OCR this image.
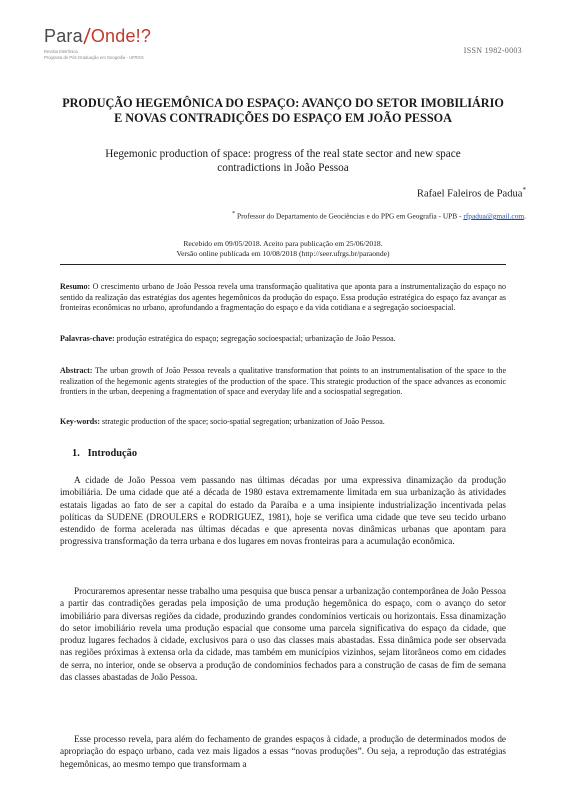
Para Onde!?
Revista Eletrônica
Programa de Pós-Graduação em Geografia - UFRGS
ISSN 1982-0003
PRODUÇÃO HEGEMÔNICA DO ESPAÇO: AVANÇO DO SETOR IMOBILIÁRIO E NOVAS CONTRADIÇÕES DO ESPAÇO EM JOÃO PESSOA
Hegemonic production of space: progress of the real state sector and new space contradictions in João Pessoa
Rafael Faleiros de Padua*
* Professor do Departamento de Geociências e do PPG em Geografia - UPB - rfpadua@gmail.com.
Recebido em 09/05/2018. Aceito para publicação em 25/06/2018.
Versão online publicada em 10/08/2018 (http://seer.ufrgs.br/paraonde)
Resumo: O crescimento urbano de João Pessoa revela uma transformação qualitativa que aponta para a instrumentalização do espaço no sentido da realização das estratégias dos agentes hegemônicos da produção do espaço. Essa produção estratégica do espaço faz avançar as fronteiras econômicas no urbano, aprofundando a fragmentação do espaço e da vida cotidiana e a segregação socioespacial.
Palavras-chave: produção estratégica do espaço; segregação socioespacial; urbanização de João Pessoa.
Abstract: The urban growth of João Pessoa reveals a qualitative transformation that points to an instrumentalisation of the space to the realization of the hegemonic agents strategies of the production of the space. This strategic production of the space advances as economic frontiers in the urban, deepening a fragmentation of space and everyday life and a sociospatial segregation.
Key-words: strategic production of the space; socio-spatial segregation; urbanization of João Pessoa.
1. Introdução
A cidade de João Pessoa vem passando nas últimas décadas por uma expressiva dinamização da produção imobiliária. De uma cidade que até a década de 1980 estava extremamente limitada em sua urbanização às atividades estatais ligadas ao fato de ser a capital do estado da Paraíba e a uma insipiente industrialização incentivada pelas políticas da SUDENE (DROULERS e RODRIGUEZ, 1981), hoje se verifica uma cidade que teve seu tecido urbano estendido de forma acelerada nas últimas décadas e que apresenta novas dinâmicas urbanas que apontam para progressiva transformação da terra urbana e dos lugares em novas fronteiras para a acumulação econômica.
Procuraremos apresentar nesse trabalho uma pesquisa que busca pensar a urbanização contemporânea de João Pessoa a partir das contradições geradas pela imposição de uma produção hegemônica do espaço, com o avanço do setor imobiliário para diversas regiões da cidade, produzindo grandes condomínios verticais ou horizontais. Essa dinamização do setor imobiliário revela uma produção espacial que consome uma parcela significativa do espaço da cidade, que produz lugares fechados à cidade, exclusivos para o uso das classes mais abastadas. Essa dinâmica pode ser observada nas regiões próximas à extensa orla da cidade, mas também em municípios vizinhos, sejam litorâneos como em cidades de serra, no interior, onde se observa a produção de condomínios fechados para a construção de casas de fim de semana das classes abastadas de João Pessoa.
Esse processo revela, para além do fechamento de grandes espaços à cidade, a produção de determinados modos de apropriação do espaço urbano, cada vez mais ligados a essas “novas produções”. Ou seja, a reprodução das estratégias hegemônicas, ao mesmo tempo que transformam a
